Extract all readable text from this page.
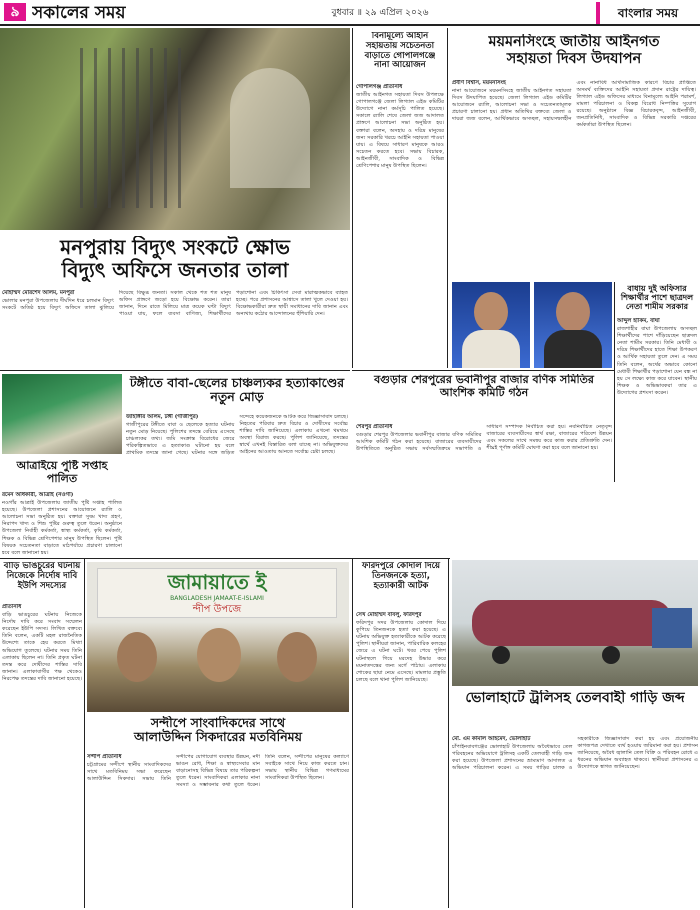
৯ সকালের সময়	বুধবার ॥ ২৯ এপ্রিল ২০২৬	বাংলার সময়
মনপুরায় বিদ্যুৎ সংকটে ক্ষোভ
বিদ্যুৎ অফিসে জনতার তালা
মোহাম্মদ মোরশেদ আলম, মনপুরা
ভোলার মনপুরা উপজেলায় দীর্ঘদিন ধরে চলমান বিদ্যুৎ সংকটে অতিষ্ঠ হয়ে বিদ্যুৎ অফিসে তালা ঝুলিয়ে দিয়েছে বিক্ষুব্ধ জনতা। সকাল থেকে শত শত মানুষ অফিস প্রাঙ্গণে জড়ো হয়ে বিক্ষোভ করেন। তারা জানান, দিনে রাতে মিলিয়ে মাত্র কয়েক ঘণ্টা বিদ্যুৎ পাওয়া যায়, ফলে ব্যবসা বাণিজ্য, শিক্ষার্থীদের পড়াশোনা এবং চিকিৎসা সেবা মারাত্মকভাবে ব্যাহত হচ্ছে। পরে প্রশাসনের আশ্বাসে তালা খুলে দেওয়া হয়। বিক্ষোভকারীরা দ্রুত স্থায়ী সমাধানের দাবি জানান এবং অন্যথায় কঠোর আন্দোলনের হুঁশিয়ারি দেন।
বিনামূল্যে আইনি সহায়তায় সচেতনতা বাড়াতে গোপালগঞ্জে নানা আয়োজন
গোপালগঞ্জ প্রতিনিধি
জাতীয় আইনগত সহায়তা দিবস উপলক্ষে গোপালগঞ্জে জেলা লিগ্যাল এইড কমিটির উদ্যোগে নানা কর্মসূচি পালিত হয়েছে। সকালে র‌্যালি শেষে জেলা জজ আদালত প্রাঙ্গণে আলোচনা সভা অনুষ্ঠিত হয়। বক্তারা বলেন, অসহায় ও দরিদ্র মানুষের জন্য সরকারি খরচে আইনি সহায়তা পাওয়া যায়। এ বিষয়ে সাধারণ মানুষকে আরও সচেতন করতে হবে। সভায় বিচারক, আইনজীবী, সাংবাদিক ও বিভিন্ন শ্রেণিপেশার মানুষ উপস্থিত ছিলেন।
ময়মনসিংহে জাতীয় আইনগত
সহায়তা দিবস উদযাপন
প্রবীণ বিশ্বাস, ময়মনসিংহ
নানা আয়োজনে ময়মনসিংহে জাতীয় আইনগত সহায়তা দিবস উদযাপিত হয়েছে। জেলা লিগ্যাল এইড কমিটির আয়োজনে র‌্যালি, আলোচনা সভা ও সচেতনতামূলক প্রচারণা চালানো হয়। প্রধান অতিথির বক্তব্যে জেলা ও দায়রা জজ বলেন, আর্থিকভাবে অসচ্ছল, সহায়সম্বলহীন এবং নানাবিধ আর্থসামাজিক কারণে বিচার প্রাপ্তিতে অসমর্থ ব্যক্তিদের আইনি সহায়তা প্রদান রাষ্ট্রের দায়িত্ব। লিগ্যাল এইড অফিসের মাধ্যমে বিনামূল্যে আইনি পরামর্শ, মামলা পরিচালনা ও বিকল্প বিরোধ নিষ্পত্তির সুযোগ রয়েছে। অনুষ্ঠানে বিজ্ঞ বিচারকবৃন্দ, আইনজীবী, জনপ্রতিনিধি, সাংবাদিক ও বিভিন্ন সরকারি দপ্তরের কর্মকর্তারা উপস্থিত ছিলেন।
বাধায় দুই অফিসার শিক্ষার্থীর পাশে ছাত্রদল নেতা শামীম সরকার
আব্দুল হাকিম, বাঘা
রাজশাহীর বাঘা উপজেলায় অসচ্ছল শিক্ষার্থীদের পাশে দাঁড়িয়েছেন ছাত্রদল নেতা শামীম সরকার। তিনি মেধাবী ও দরিদ্র শিক্ষার্থীদের হাতে শিক্ষা উপকরণ ও আর্থিক সহায়তা তুলে দেন। এ সময় তিনি বলেন, অর্থের অভাবে কোনো মেধাবী শিক্ষার্থীর পড়াশোনা যেন বন্ধ না হয় সে লক্ষ্যে কাজ করে যাবেন। স্থানীয় শিক্ষক ও অভিভাবকরা তার এ উদ্যোগের প্রশংসা করেন।
বগুড়ার শেরপুরের ভবানীপুর বাজার বণিক সমিতির আংশিক কমিটি গঠন
শেরপুর প্রতিনিধি
বগুড়ার শেরপুর উপজেলার ভবানীপুর বাজার বণিক সমিতির আংশিক কমিটি গঠন করা হয়েছে। বাজারের ব্যবসায়ীদের উপস্থিতিতে অনুষ্ঠিত সভায় সর্বসম্মতিক্রমে সভাপতি ও সাধারণ সম্পাদক নির্বাচিত করা হয়। নবনির্বাচিত নেতৃবৃন্দ বাজারের ব্যবসায়ীদের স্বার্থ রক্ষা, বাজারের পরিবেশ উন্নয়ন এবং সকলের সাথে সমন্বয় করে কাজ করার প্রতিশ্রুতি দেন। শীঘ্রই পূর্ণাঙ্গ কমিটি ঘোষণা করা হবে বলে জানানো হয়।
আত্রাইয়ে পুষ্টি সপ্তাহ পালিত
টঙ্গীতে বাবা-ছেলের চাঞ্চল্যকর হত্যাকাণ্ডের নতুন মোড়
জাহাঙ্গীর আলম, টঙ্গী (গাজীপুর)
গাজীপুরের টঙ্গীতে বাবা ও ছেলেকে হত্যার ঘটনায় নতুন মোড় নিয়েছে। পুলিশের তদন্তে বেরিয়ে এসেছে চাঞ্চল্যকর তথ্য। জমি সংক্রান্ত বিরোধের জেরে পরিকল্পিতভাবে এ হত্যাকাণ্ড ঘটানো হয় বলে প্রাথমিক তদন্তে জানা গেছে। ঘটনার সঙ্গে জড়িত সন্দেহে কয়েকজনকে আটক করে জিজ্ঞাসাবাদ চলছে। নিহতের পরিবার দ্রুত বিচার ও দোষীদের সর্বোচ্চ শাস্তির দাবি জানিয়েছে। এলাকায় এখনো থমথমে অবস্থা বিরাজ করছে। পুলিশ জানিয়েছে, তদন্তের স্বার্থে এখনই বিস্তারিত বলা যাচ্ছে না। অভিযুক্তদের আইনের আওতায় আনতে সর্বোচ্চ চেষ্টা চলছে।
রমেন অধিকারী, আত্রাই (নওগাঁ)
নওগাঁর আত্রাই উপজেলায় জাতীয় পুষ্টি সপ্তাহ পালিত হয়েছে। উপজেলা প্রশাসনের আয়োজনে র‌্যালি ও আলোচনা সভা অনুষ্ঠিত হয়। বক্তারা সুষম খাদ্য গ্রহণ, নিরাপদ খাদ্য ও শিশু পুষ্টির গুরুত্ব তুলে ধরেন। অনুষ্ঠানে উপজেলা নির্বাহী কর্মকর্তা, স্বাস্থ্য কর্মকর্তা, কৃষি কর্মকর্তা, শিক্ষক ও বিভিন্ন শ্রেণিপেশার মানুষ উপস্থিত ছিলেন। পুষ্টি বিষয়ক সচেতনতা বাড়াতে মাঠপর্যায়ে প্রচারণা চালানো হবে বলে জানানো হয়।
বাড়ি ভাঙচুরের ঘটনায় নিজেকে নির্দোষ দাবি ইউপি সদস্যের
প্রতিনিধি
বাড়ি ভাঙচুরের ঘটনায় নিজেকে নির্দোষ দাবি করে সংবাদ সম্মেলন করেছেন ইউপি সদস্য। লিখিত বক্তব্যে তিনি বলেন, একটি মহল রাজনৈতিক উদ্দেশ্যে তাকে হেয় করতে মিথ্যা অভিযোগ তুলেছে। ঘটনার সময় তিনি এলাকায় ছিলেন না। তিনি প্রকৃত ঘটনা তদন্ত করে দোষীদের শাস্তির দাবি জানান। এলাকাবাসীর পক্ষ থেকেও নিরপেক্ষ তদন্তের দাবি জানানো হয়েছে।
জামায়াতে ই
BANGLADESH JAMAAT-E-ISLAMI
ন্দীপ উপজে
সন্দীপে সাংবাদিকদের সাথে
আলাউদ্দিন সিকদারের মতবিনিময়
সন্দীপ প্রতিনিধি
চট্টগ্রামের সন্দীপে স্থানীয় সাংবাদিকদের সাথে মতবিনিময় সভা করেছেন আলাউদ্দিন সিকদার। সভায় তিনি সন্দীপের যোগাযোগ ব্যবস্থার উন্নয়ন, নদী ভাঙন রোধ, শিক্ষা ও স্বাস্থ্যসেবার মান বাড়ানোসহ বিভিন্ন বিষয়ে তার পরিকল্পনা তুলে ধরেন। সাংবাদিকরা এলাকার নানা সমস্যা ও সম্ভাবনার কথা তুলে ধরেন। তিনি বলেন, সন্দীপের মানুষের কল্যাণে সবাইকে সাথে নিয়ে কাজ করতে চান। সভায় স্থানীয় বিভিন্ন গণমাধ্যমের সাংবাদিকরা উপস্থিত ছিলেন।
ফরিদপুরে কোদাল দিয়ে তিনজনকে হত্যা, হত্যাকারী আটক
সেখ মোহাম্মদ বাবলু, ফরিদপুর
ফরিদপুর সদর উপজেলায় কোদাল দিয়ে কুপিয়ে তিনজনকে হত্যা করা হয়েছে। এ ঘটনায় অভিযুক্ত হত্যাকারীকে আটক করেছে পুলিশ। স্থানীয়রা জানান, পারিবারিক কলহের জেরে এ ঘটনা ঘটে। খবর পেয়ে পুলিশ ঘটনাস্থলে গিয়ে মরদেহ উদ্ধার করে ময়নাতদন্তের জন্য মর্গে পাঠায়। এলাকায় শোকের ছায়া নেমে এসেছে। মামলার প্রস্তুতি চলছে বলে থানা পুলিশ জানিয়েছে।
ভোলাহাটে ট্রলিসহ তেলবাহী গাড়ি জব্দ
মো. এম কামাল আহমেদ, ভোলাহাট
চাঁপাইনবাবগঞ্জের ভোলাহাট উপজেলায় অবৈধভাবে তেল পরিবহনের অভিযোগে ট্রলিসহ একটি তেলবাহী গাড়ি জব্দ করা হয়েছে। উপজেলা প্রশাসনের ভ্রাম্যমাণ আদালত এ অভিযান পরিচালনা করেন। এ সময় গাড়ির চালক ও সহকারীকে জিজ্ঞাসাবাদ করা হয় এবং প্রয়োজনীয় কাগজপত্র দেখাতে ব্যর্থ হওয়ায় জরিমানা করা হয়। প্রশাসন জানিয়েছে, অবৈধ জ্বালানি তেল বিক্রি ও পরিবহন রোধে এ ধরনের অভিযান অব্যাহত থাকবে। স্থানীয়রা প্রশাসনের এ উদ্যোগকে স্বাগত জানিয়েছেন।
